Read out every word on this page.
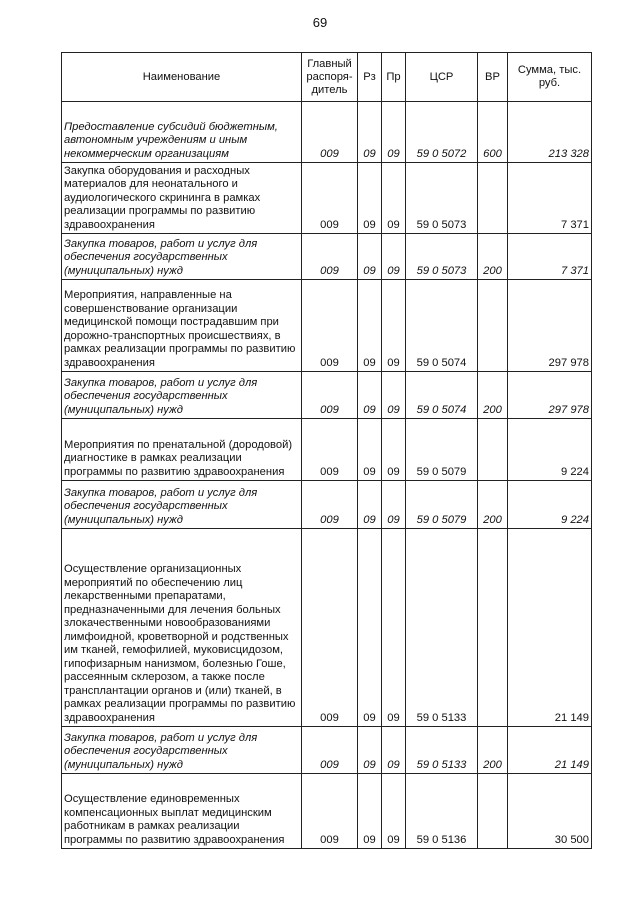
69
Наименование	Главный распоря-дитель	Рз	Пр	ЦСР	ВР	Сумма, тыс. руб.
Предоставление субсидий бюджетным, автономным учреждениям и иным некоммерческим организациям	009	09	09	59 0 5072	600	213 328
Закупка оборудования и расходных материалов для неонатального и аудиологического скрининга в рамках реализации программы по развитию здравоохранения	009	09	09	59 0 5073		7 371
Закупка товаров, работ и услуг для обеспечения государственных (муниципальных) нужд	009	09	09	59 0 5073	200	7 371
Мероприятия, направленные на совершенствование организации медицинской помощи пострадавшим при дорожно-транспортных происшествиях, в рамках реализации программы по развитию здравоохранения	009	09	09	59 0 5074		297 978
Закупка товаров, работ и услуг для обеспечения государственных (муниципальных) нужд	009	09	09	59 0 5074	200	297 978
Мероприятия по пренатальной (дородовой) диагностике в рамках реализации программы по развитию здравоохранения	009	09	09	59 0 5079		9 224
Закупка товаров, работ и услуг для обеспечения государственных (муниципальных) нужд	009	09	09	59 0 5079	200	9 224
Осуществление организационных мероприятий по обеспечению лиц лекарственными препаратами, предназначенными для лечения больных злокачественными новообразованиями лимфоидной, кроветворной и родственных им тканей, гемофилией, муковисцидозом, гипофизарным нанизмом, болезнью Гоше, рассеянным склерозом, а также после трансплантации органов и (или) тканей, в рамках реализации программы по развитию здравоохранения	009	09	09	59 0 5133		21 149
Закупка товаров, работ и услуг для обеспечения государственных (муниципальных) нужд	009	09	09	59 0 5133	200	21 149
Осуществление единовременных компенсационных выплат медицинским работникам в рамках реализации программы по развитию здравоохранения	009	09	09	59 0 5136		30 500
